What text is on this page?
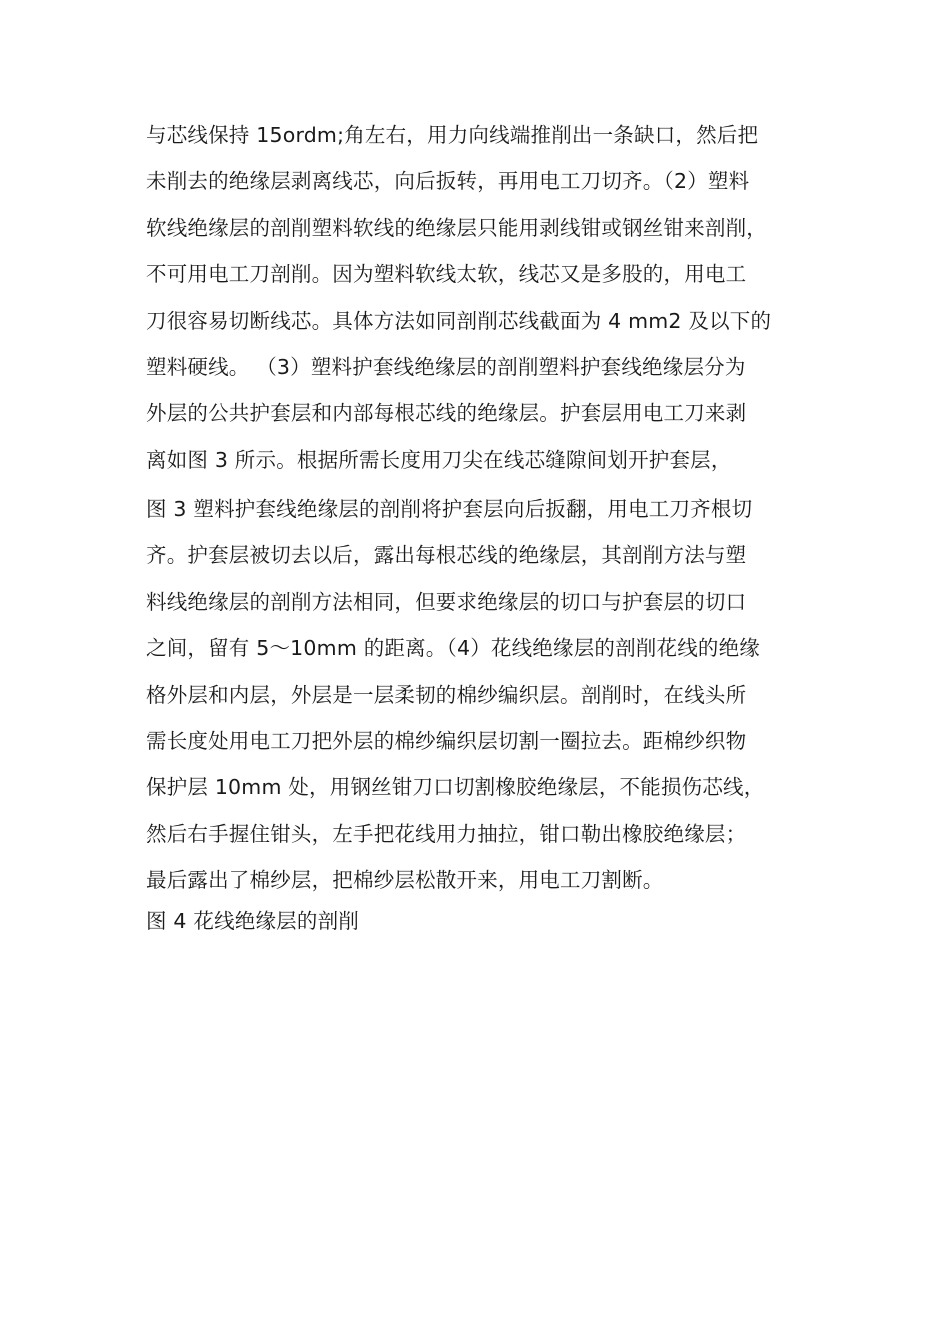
与芯线保持 15ordm;角左右，用力向线端推削出一条缺口，然后把
未削去的绝缘层剥离线芯，向后扳转，再用电工刀切齐。（2）塑料
软线绝缘层的剖削塑料软线的绝缘层只能用剥线钳或钢丝钳来剖削，
不可用电工刀剖削。因为塑料软线太软，线芯又是多股的，用电工
刀很容易切断线芯。具体方法如同剖削芯线截面为 4 mm2 及以下的
塑料硬线。 （3）塑料护套线绝缘层的剖削塑料护套线绝缘层分为
外层的公共护套层和内部每根芯线的绝缘层。护套层用电工刀来剥
离如图 3 所示。根据所需长度用刀尖在线芯缝隙间划开护套层，
图 3 塑料护套线绝缘层的剖削将护套层向后扳翻，用电工刀齐根切
齐。护套层被切去以后，露出每根芯线的绝缘层，其剖削方法与塑
料线绝缘层的剖削方法相同，但要求绝缘层的切口与护套层的切口
之间，留有 5～10mm 的距离。（4）花线绝缘层的剖削花线的绝缘
格外层和内层，外层是一层柔韧的棉纱编织层。剖削时，在线头所
需长度处用电工刀把外层的棉纱编织层切割一圈拉去。距棉纱织物
保护层 10mm 处，用钢丝钳刀口切割橡胶绝缘层，不能损伤芯线，
然后右手握住钳头，左手把花线用力抽拉，钳口勒出橡胶绝缘层；
最后露出了棉纱层，把棉纱层松散开来，用电工刀割断。
图 4 花线绝缘层的剖削
